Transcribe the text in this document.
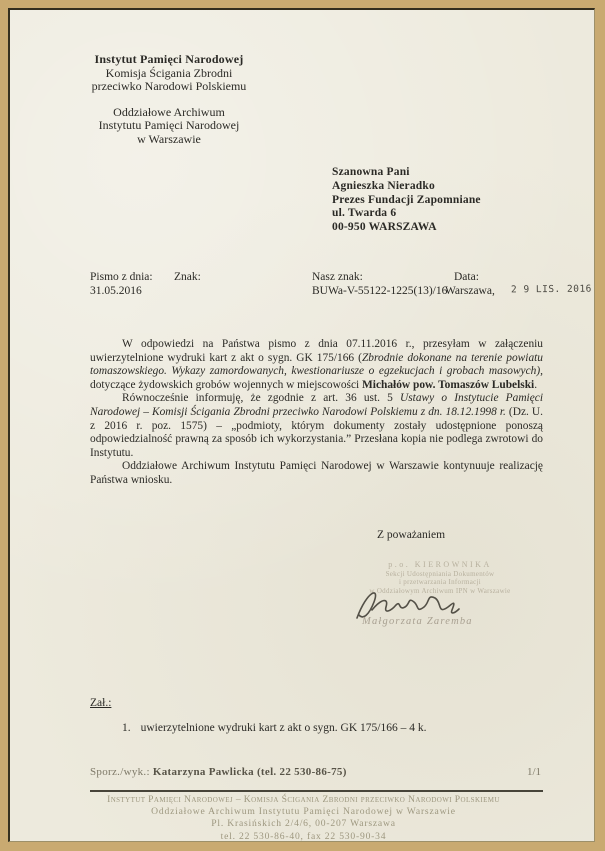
Instytut Pamięci Narodowej
Komisja Ścigania Zbrodni
przeciwko Narodowi Polskiemu
Oddziałowe Archiwum
Instytutu Pamięci Narodowej
w Warszawie
Szanowna Pani
Agnieszka Nieradko
Prezes Fundacji Zapomniane
ul. Twarda 6
00-950 WARSZAWA
Pismo z dnia:
31.05.2016
Znak:	Nasz znak:
BUWa-V-55122-1225(13)/16
Data:
Warszawa, 2 9 LIS. 2016

W odpowiedzi na Państwa pismo z dnia 07.11.2016 r., przesyłam w załączeniu uwierzytelnione wydruki kart z akt o sygn. GK 175/166 (Zbrodnie dokonane na terenie powiatu tomaszowskiego. Wykazy zamordowanych, kwestionariusze o egzekucjach i grobach masowych), dotyczące żydowskich grobów wojennych w miejscowości Michałów pow. Tomaszów Lubelski.

Równocześnie informuję, że zgodnie z art. 36 ust. 5 Ustawy o Instytucie Pamięci Narodowej – Komisji Ścigania Zbrodni przeciwko Narodowi Polskiemu z dn. 18.12.1998 r. (Dz. U. z 2016 r. poz. 1575) – „podmioty, którym dokumenty zostały udostępnione ponoszą odpowiedzialność prawną za sposób ich wykorzystania.” Przesłana kopia nie podlega zwrotowi do Instytutu.

Oddziałowe Archiwum Instytutu Pamięci Narodowej w Warszawie kontynuuje realizację Państwa wniosku.

Z poważaniem
p.o. KIEROWNIKA
Sekcji Udostępniania Dokumentów
i przetwarzania Informacji
w Oddziałowym Archiwum IPN w Warszawie
Małgorzata Zaremba
Zał.:
1. uwierzytelnione wydruki kart z akt o sygn. GK 175/166 – 4 k.
Sporz./wyk.: Katarzyna Pawlicka (tel. 22 530-86-75)	1/1
Instytut Pamięci Narodowej – Komisja Ścigania Zbrodni przeciwko Narodowi Polskiemu
Oddziałowe Archiwum Instytutu Pamięci Narodowej w Warszawie
Pl. Krasińskich 2/4/6, 00-207 Warszawa
tel. 22 530-86-40, fax 22 530-90-34
